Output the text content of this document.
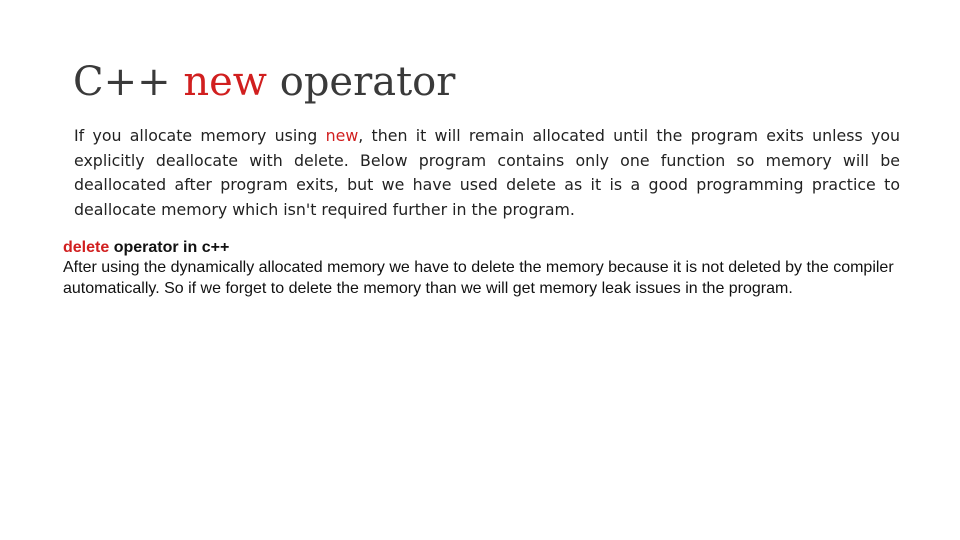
C++ new operator

If you allocate memory using new, then it will remain allocated until the program exits unless you explicitly deallocate with delete. Below program contains only one function so memory will be deallocated after program exits, but we have used delete as it is a good programming practice to deallocate memory which isn't required further in the program.

delete operator in c++

After using the dynamically allocated memory we have to delete the memory because it is not deleted by the compiler automatically. So if we forget to delete the memory than we will get memory leak issues in the program.
